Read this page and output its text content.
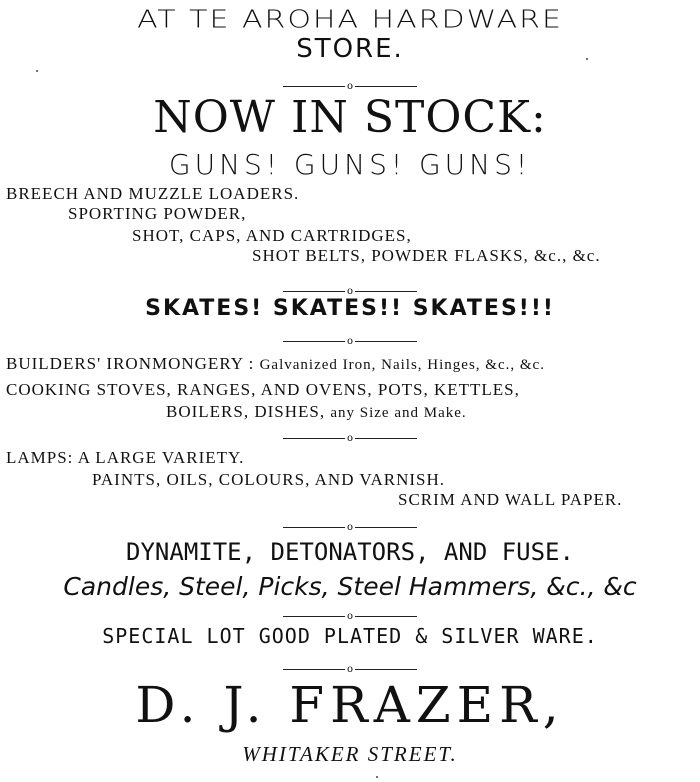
AT TE AROHA HARDWARE
STORE.
o
NOW IN STOCK:
GUNS! GUNS! GUNS!
BREECH AND MUZZLE LOADERS.
SPORTING POWDER,
SHOT, CAPS, AND CARTRIDGES,
SHOT BELTS, POWDER FLASKS, &c., &c.
o
SKATES! SKATES!! SKATES!!!
o
BUILDERS' IRONMONGERY : Galvanized Iron, Nails, Hinges, &c., &c.
COOKING STOVES, RANGES, AND OVENS, POTS, KETTLES,
BOILERS, DISHES, any Size and Make.
o
LAMPS: A LARGE VARIETY.
PAINTS, OILS, COLOURS, AND VARNISH.
SCRIM AND WALL PAPER.
o
DYNAMITE, DETONATORS, AND FUSE.
Candles, Steel, Picks, Steel Hammers, &c., &c
o
SPECIAL LOT GOOD PLATED & SILVER WARE.
o
D. J. FRAZER,
WHITAKER STREET.
